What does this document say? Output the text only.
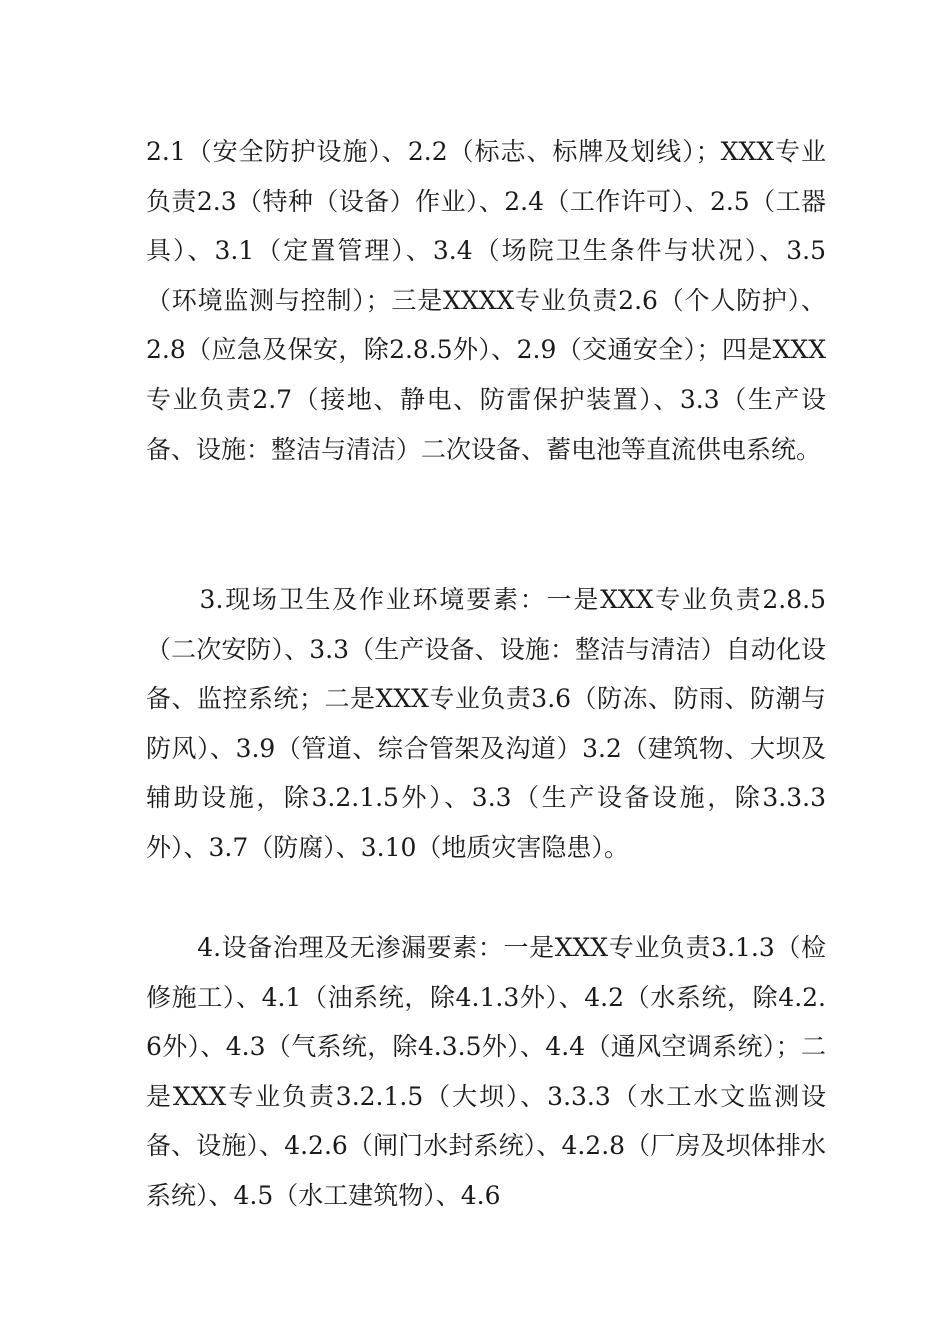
2.1（安全防护设施）、2.2（标志、标牌及划线）；XXX专业负责2.3（特种（设备）作业）、2.4（工作许可）、2.5（工器具）、3.1（定置管理）、3.4（场院卫生条件与状况）、3.5（环境监测与控制）；三是XXXX专业负责2.6（个人防护）、2.8（应急及保安，除2.8.5外）、2.9（交通安全）；四是XXX专业负责2.7（接地、静电、防雷保护装置）、3.3（生产设备、设施：整洁与清洁）二次设备、蓄电池等直流供电系统。

　　3.现场卫生及作业环境要素：一是XXX专业负责2.8.5（二次安防）、3.3（生产设备、设施：整洁与清洁）自动化设备、监控系统；二是XXX专业负责3.6（防冻、防雨、防潮与防风）、3.9（管道、综合管架及沟道）3.2（建筑物、大坝及辅助设施，除3.2.1.5外）、3.3（生产设备设施，除3.3.3外）、3.7（防腐）、3.10（地质灾害隐患）。

　　4.设备治理及无渗漏要素：一是XXX专业负责3.1.3（检修施工）、4.1（油系统，除4.1.3外）、4.2（水系统，除4.2.6外）、4.3（气系统，除4.3.5外）、4.4（通风空调系统）；二是XXX专业负责3.2.1.5（大坝）、3.3.3（水工水文监测设备、设施）、4.2.6（闸门水封系统）、4.2.8（厂房及坝体排水系统）、4.5（水工建筑物）、4.6
